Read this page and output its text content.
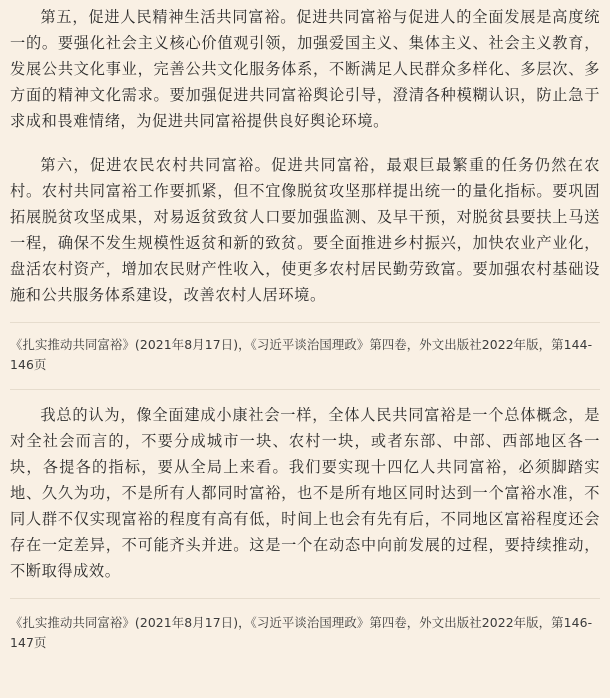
第五，促进人民精神生活共同富裕。促进共同富裕与促进人的全面发展是高度统一的。要强化社会主义核心价值观引领，加强爱国主义、集体主义、社会主义教育，发展公共文化事业，完善公共文化服务体系，不断满足人民群众多样化、多层次、多方面的精神文化需求。要加强促进共同富裕舆论引导，澄清各种模糊认识，防止急于求成和畏难情绪，为促进共同富裕提供良好舆论环境。

第六，促进农民农村共同富裕。促进共同富裕，最艰巨最繁重的任务仍然在农村。农村共同富裕工作要抓紧，但不宜像脱贫攻坚那样提出统一的量化指标。要巩固拓展脱贫攻坚成果，对易返贫致贫人口要加强监测、及早干预，对脱贫县要扶上马送一程，确保不发生规模性返贫和新的致贫。要全面推进乡村振兴，加快农业产业化，盘活农村资产，增加农民财产性收入，使更多农村居民勤劳致富。要加强农村基础设施和公共服务体系建设，改善农村人居环境。

《扎实推动共同富裕》(2021年8月17日)，《习近平谈治国理政》第四卷，外文出版社2022年版，第144-146页

我总的认为，像全面建成小康社会一样，全体人民共同富裕是一个总体概念，是对全社会而言的，不要分成城市一块、农村一块，或者东部、中部、西部地区各一块，各提各的指标，要从全局上来看。我们要实现十四亿人共同富裕，必须脚踏实地、久久为功，不是所有人都同时富裕，也不是所有地区同时达到一个富裕水准，不同人群不仅实现富裕的程度有高有低，时间上也会有先有后，不同地区富裕程度还会存在一定差异，不可能齐头并进。这是一个在动态中向前发展的过程，要持续推动，不断取得成效。

《扎实推动共同富裕》(2021年8月17日)，《习近平谈治国理政》第四卷，外文出版社2022年版，第146-147页
